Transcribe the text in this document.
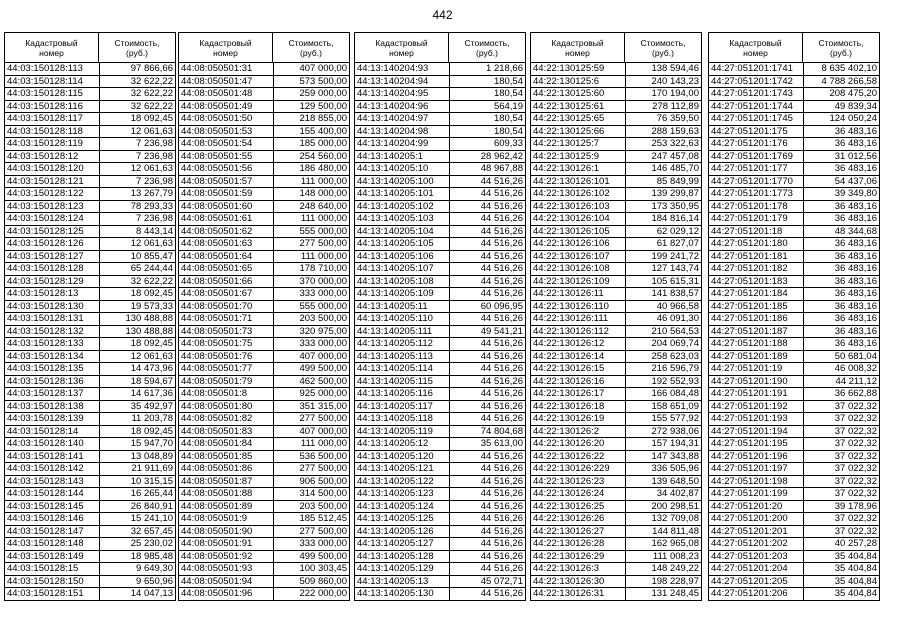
442
Кадастровый
номер
Стоимость,
(руб.)
44:03:150128:113	97 866,66
44:03:150128:114	32 622,22
44:03:150128:115	32 622,22
44:03:150128:116	32 622,22
44:03:150128:117	18 092,45
44:03:150128:118	12 061,63
44:03:150128:119	7 236,98
44:03:150128:12	7 236,98
44:03:150128:120	12 061,63
44:03:150128:121	7 236,98
44:03:150128:122	13 267,79
44:03:150128:123	78 293,33
44:03:150128:124	7 236,98
44:03:150128:125	8 443,14
44:03:150128:126	12 061,63
44:03:150128:127	10 855,47
44:03:150128:128	65 244,44
44:03:150128:129	32 622,22
44:03:150128:13	18 092,45
44:03:150128:130	19 573,33
44:03:150128:131	130 488,88
44:03:150128:132	130 488,88
44:03:150128:133	18 092,45
44:03:150128:134	12 061,63
44:03:150128:135	14 473,96
44:03:150128:136	18 594,67
44:03:150128:137	14 617,36
44:03:150128:138	35 492,97
44:03:150128:139	11 203,78
44:03:150128:14	18 092,45
44:03:150128:140	15 947,70
44:03:150128:141	13 048,89
44:03:150128:142	21 911,69
44:03:150128:143	10 315,15
44:03:150128:144	16 265,44
44:03:150128:145	26 840,91
44:03:150128:146	15 241,10
44:03:150128:147	32 657,45
44:03:150128:148	25 230,02
44:03:150128:149	18 985,48
44:03:150128:15	9 649,30
44:03:150128:150	9 650,96
44:03:150128:151	14 047,13
Кадастровый
номер
Стоимость,
(руб.)
44:08:050501:31	407 000,00
44:08:050501:47	573 500,00
44:08:050501:48	259 000,00
44:08:050501:49	129 500,00
44:08:050501:50	218 855,00
44:08:050501:53	155 400,00
44:08:050501:54	185 000,00
44:08:050501:55	254 560,00
44:08:050501:56	186 480,00
44:08:050501:57	111 000,00
44:08:050501:59	148 000,00
44:08:050501:60	248 640,00
44:08:050501:61	111 000,00
44:08:050501:62	555 000,00
44:08:050501:63	277 500,00
44:08:050501:64	111 000,00
44:08:050501:65	178 710,00
44:08:050501:66	370 000,00
44:08:050501:67	333 000,00
44:08:050501:70	555 000,00
44:08:050501:71	203 500,00
44:08:050501:73	320 975,00
44:08:050501:75	333 000,00
44:08:050501:76	407 000,00
44:08:050501:77	499 500,00
44:08:050501:79	462 500,00
44:08:050501:8	925 000,00
44:08:050501:80	351 315,00
44:08:050501:82	277 500,00
44:08:050501:83	407 000,00
44:08:050501:84	111 000,00
44:08:050501:85	536 500,00
44:08:050501:86	277 500,00
44:08:050501:87	906 500,00
44:08:050501:88	314 500,00
44:08:050501:89	203 500,00
44:08:050501:9	185 512,45
44:08:050501:90	277 500,00
44:08:050501:91	333 000,00
44:08:050501:92	499 500,00
44:08:050501:93	100 303,45
44:08:050501:94	509 860,00
44:08:050501:96	222 000,00
Кадастровый
номер
Стоимость,
(руб.)
44:13:140204:93	1 218,66
44:13:140204:94	180,54
44:13:140204:95	180,54
44:13:140204:96	564,19
44:13:140204:97	180,54
44:13:140204:98	180,54
44:13:140204:99	609,33
44:13:140205:1	28 962,42
44:13:140205:10	48 967,88
44:13:140205:100	44 516,26
44:13:140205:101	44 516,26
44:13:140205:102	44 516,26
44:13:140205:103	44 516,26
44:13:140205:104	44 516,26
44:13:140205:105	44 516,26
44:13:140205:106	44 516,26
44:13:140205:107	44 516,26
44:13:140205:108	44 516,26
44:13:140205:109	44 516,26
44:13:140205:11	60 096,95
44:13:140205:110	44 516,26
44:13:140205:111	49 541,21
44:13:140205:112	44 516,26
44:13:140205:113	44 516,26
44:13:140205:114	44 516,26
44:13:140205:115	44 516,26
44:13:140205:116	44 516,26
44:13:140205:117	44 516,26
44:13:140205:118	44 516,26
44:13:140205:119	74 804,68
44:13:140205:12	35 613,00
44:13:140205:120	44 516,26
44:13:140205:121	44 516,26
44:13:140205:122	44 516,26
44:13:140205:123	44 516,26
44:13:140205:124	44 516,26
44:13:140205:125	44 516,26
44:13:140205:126	44 516,26
44:13:140205:127	44 516,26
44:13:140205:128	44 516,26
44:13:140205:129	44 516,26
44:13:140205:13	45 072,71
44:13:140205:130	44 516,26
Кадастровый
номер
Стоимость,
(руб.)
44:22:130125:59	138 594,46
44:22:130125:6	240 143,23
44:22:130125:60	170 194,00
44:22:130125:61	278 112,89
44:22:130125:65	76 359,50
44:22:130125:66	288 159,63
44:22:130125:7	253 322,63
44:22:130125:9	247 457,08
44:22:130126:1	146 485,70
44:22:130126:101	85 849,99
44:22:130126:102	139 299,87
44:22:130126:103	173 350,95
44:22:130126:104	184 816,14
44:22:130126:105	62 029,12
44:22:130126:106	61 827,07
44:22:130126:107	199 241,72
44:22:130126:108	127 143,74
44:22:130126:109	105 615,31
44:22:130126:11	141 838,57
44:22:130126:110	40 966,58
44:22:130126:111	46 091,30
44:22:130126:112	210 564,53
44:22:130126:12	204 069,74
44:22:130126:14	258 623,03
44:22:130126:15	216 596,79
44:22:130126:16	192 552,93
44:22:130126:17	166 084,48
44:22:130126:18	158 651,09
44:22:130126:19	155 577,92
44:22:130126:2	272 938,06
44:22:130126:20	157 194,31
44:22:130126:22	147 343,88
44:22:130126:229	336 505,96
44:22:130126:23	139 648,50
44:22:130126:24	34 402,87
44:22:130126:25	200 298,51
44:22:130126:26	132 709,08
44:22:130126:27	144 811,48
44:22:130126:28	162 965,08
44:22:130126:29	111 008,23
44:22:130126:3	148 249,22
44:22:130126:30	198 228,97
44:22:130126:31	131 248,45
Кадастровый
номер
Стоимость,
(руб.)
44:27:051201:1741	8 635 402,10
44:27:051201:1742	4 788 266,58
44:27:051201:1743	208 475,20
44:27:051201:1744	49 839,34
44:27:051201:1745	124 050,24
44:27:051201:175	36 483,16
44:27:051201:176	36 483,16
44:27:051201:1769	31 012,56
44:27:051201:177	36 483,16
44:27:051201:1770	54 437,06
44:27:051201:1773	39 349,80
44:27:051201:178	36 483,16
44:27:051201:179	36 483,16
44:27:051201:18	48 344,68
44:27:051201:180	36 483,16
44:27:051201:181	36 483,16
44:27:051201:182	36 483,16
44:27:051201:183	36 483,16
44:27:051201:184	36 483,16
44:27:051201:185	36 483,16
44:27:051201:186	36 483,16
44:27:051201:187	36 483,16
44:27:051201:188	36 483,16
44:27:051201:189	50 681,04
44:27:051201:19	46 008,32
44:27:051201:190	44 211,12
44:27:051201:191	36 662,88
44:27:051201:192	37 022,32
44:27:051201:193	37 022,32
44:27:051201:194	37 022,32
44:27:051201:195	37 022,32
44:27:051201:196	37 022,32
44:27:051201:197	37 022,32
44:27:051201:198	37 022,32
44:27:051201:199	37 022,32
44:27:051201:20	39 178,96
44:27:051201:200	37 022,32
44:27:051201:201	37 022,32
44:27:051201:202	40 257,28
44:27:051201:203	35 404,84
44:27:051201:204	35 404,84
44:27:051201:205	35 404,84
44:27:051201:206	35 404,84
